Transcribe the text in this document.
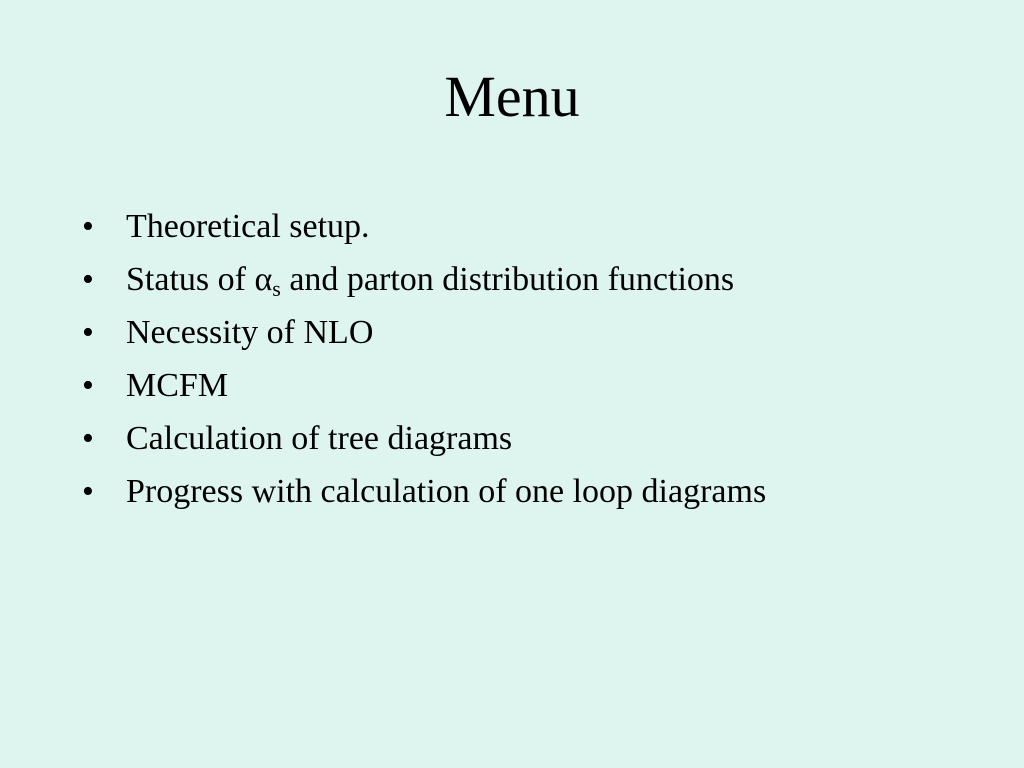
Menu
• Theoretical setup.
• Status of $\alpha_s$ and parton distribution functions
• Necessity of NLO
• MCFM
• Calculation of tree diagrams
• Progress with calculation of one loop diagrams
